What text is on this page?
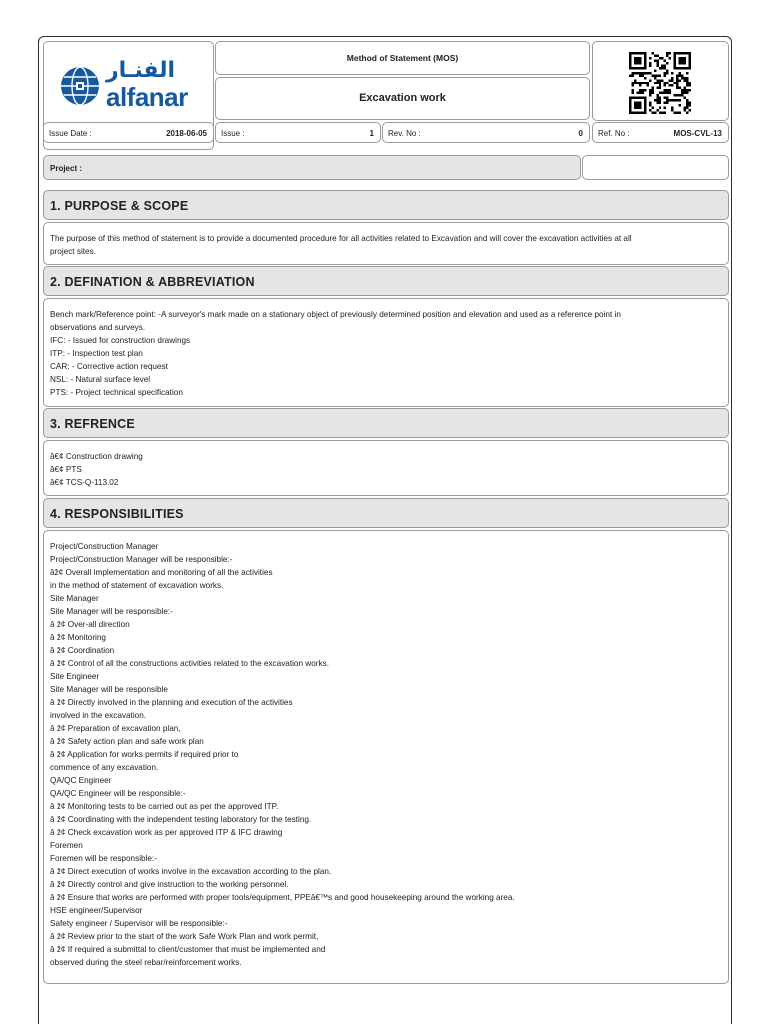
الفنـار
alfanar
Method of Statement (MOS)
Excavation work
Issue Date :	2018-06-05 Issue :	1 Rev. No :	0 Ref. No :	MOS-CVL-13
Project :
1. PURPOSE & SCOPE
The purpose of this method of statement is to provide a documented procedure for all activities related to Excavation and will cover the excavation activities at all
project sites.
2. DEFINATION & ABBREVIATION
Bench mark/Reference point: -A surveyor's mark made on a stationary object of previously determined position and elevation and used as a reference point in
observations and surveys.
IFC: - Issued for construction drawings
ITP: - Inspection test plan
CAR: - Corrective action request
NSL: - Natural surface level
PTS: - Project technical specification
3. REFRENCE
â€¢ Construction drawing
â€¢ PTS
â€¢ TCS-Q-113.02
4. RESPONSIBILITIES
Project/Construction Manager
Project/Construction Manager will be responsible:-
âž¢ Overall implementation and monitoring of all the activities
in the method of statement of excavation works.
Site Manager
Site Manager will be responsible:-
â ž¢ Over-all direction
â ž¢ Monitoring
â ž¢ Coordination
â ž¢ Control of all the constructions activities related to the excavation works.
Site Engineer
Site Manager will be responsible
â ž¢ Directly involved in the planning and execution of the activities
involved in the excavation.
â ž¢ Preparation of excavation plan,
â ž¢ Safety action plan and safe work plan
â ž¢ Application for works permits if required prior to
commence of any excavation.
QA/QC Engineer
QA/QC Engineer will be responsible:-
â ž¢ Monitoring tests to be carried out as per the approved ITP.
â ž¢ Coordinating with the independent testing laboratory for the testing.
â ž¢ Check excavation work as per approved ITP & IFC drawing
Foremen
Foremen will be responsible:-
â ž¢ Direct execution of works involve in the excavation according to the plan.
â ž¢ Directly control and give instruction to the working personnel.
â ž¢ Ensure that works are performed with proper tools/equipment, PPEâ€™s and good housekeeping around the working area.
HSE engineer/Supervisor
Safety engineer / Supervisor will be responsible:-
â ž¢ Review prior to the start of the work Safe Work Plan and work permit,
â ž¢ If required a submittal to client/customer that must be implemented and
observed during the steel rebar/reinforcement works.
